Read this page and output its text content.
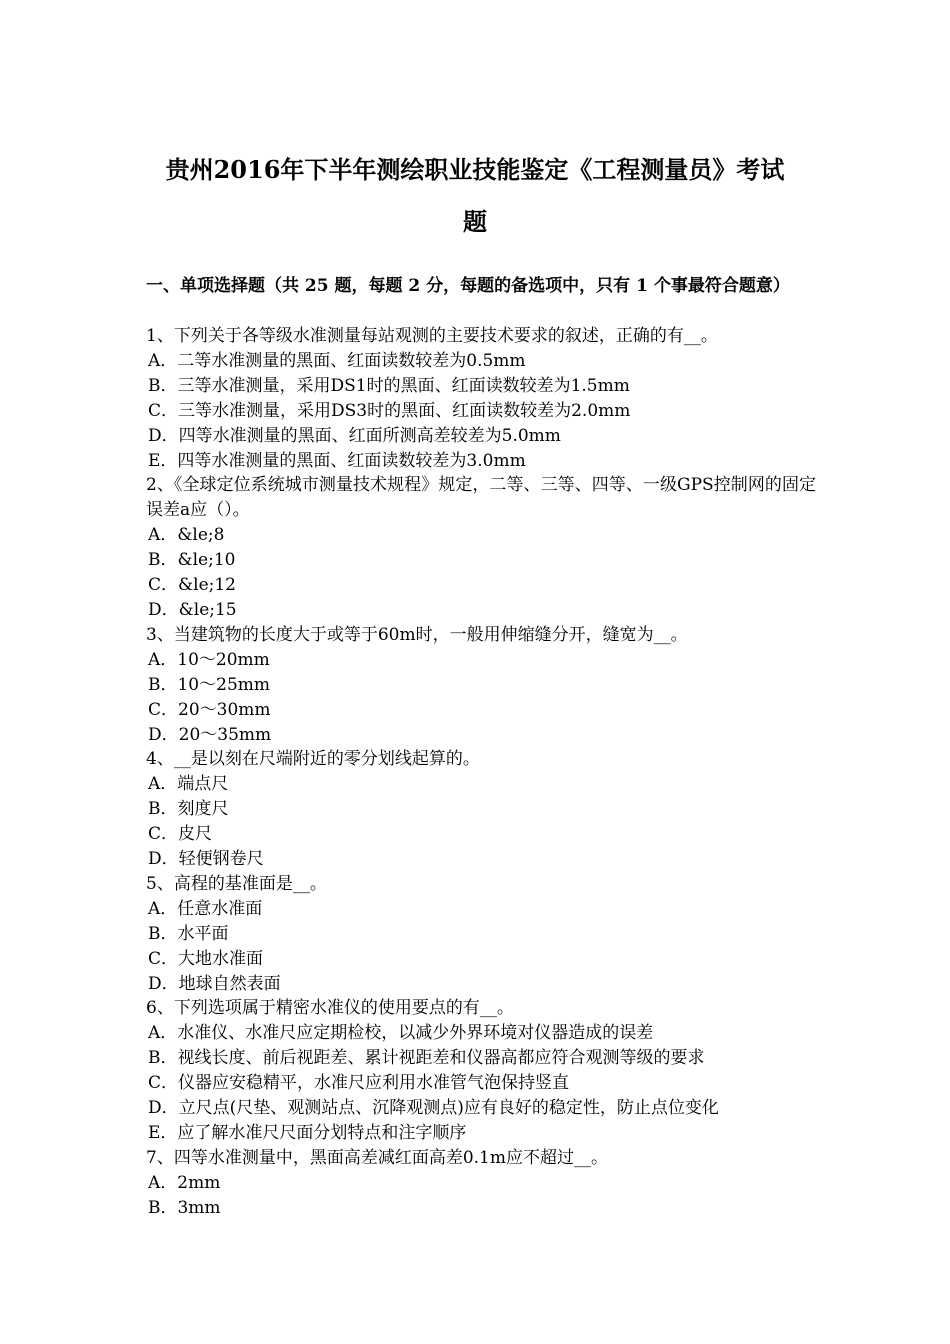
贵州2016年下半年测绘职业技能鉴定《工程测量员》考试
题
一、单项选择题（共 25 题，每题 2 分，每题的备选项中，只有 1 个事最符合题意）

1、下列关于各等级水准测量每站观测的主要技术要求的叙述，正确的有__。

A．二等水准测量的黑面、红面读数较差为0.5mm

B．三等水准测量，采用DS1时的黑面、红面读数较差为1.5mm

C．三等水准测量，采用DS3时的黑面、红面读数较差为2.0mm

D．四等水准测量的黑面、红面所测高差较差为5.0mm

E．四等水准测量的黑面、红面读数较差为3.0mm

2、《全球定位系统城市测量技术规程》规定，二等、三等、四等、一级GPS控制网的固定误差a应（）。

A．&le;8

B．&le;10

C．&le;12

D．&le;15

3、当建筑物的长度大于或等于60m时，一般用伸缩缝分开，缝宽为__。

A．10～20mm

B．10～25mm

C．20～30mm

D．20～35mm

4、__是以刻在尺端附近的零分划线起算的。

A．端点尺

B．刻度尺

C．皮尺

D．轻便钢卷尺

5、高程的基准面是__。

A．任意水准面

B．水平面

C．大地水准面

D．地球自然表面

6、下列选项属于精密水准仪的使用要点的有__。

A．水准仪、水准尺应定期检校，以减少外界环境对仪器造成的误差

B．视线长度、前后视距差、累计视距差和仪器高都应符合观测等级的要求

C．仪器应安稳精平，水准尺应利用水准管气泡保持竖直

D．立尺点(尺垫、观测站点、沉降观测点)应有良好的稳定性，防止点位变化

E．应了解水准尺尺面分划特点和注字顺序

7、四等水准测量中，黑面高差减红面高差0.1m应不超过__。

A．2mm

B．3mm
